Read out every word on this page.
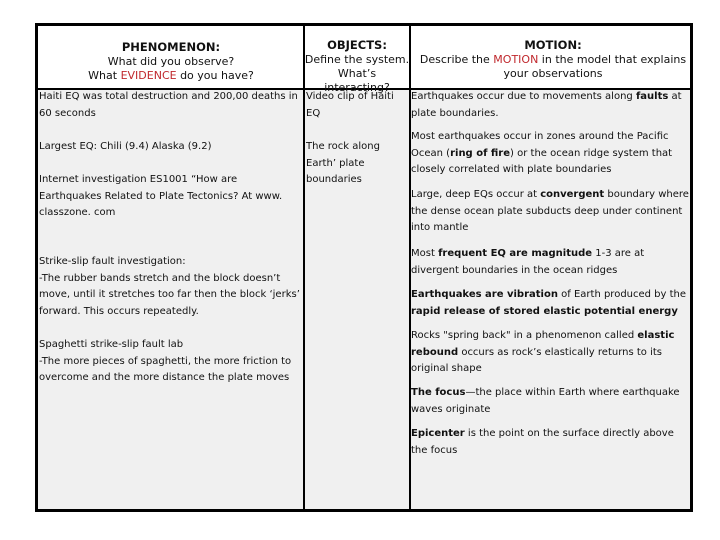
PHENOMENON:
What did you observe?
What EVIDENCE do you have?
OBJECTS:
Define the system.
What’s interacting?
MOTION:
Describe the MOTION in the model that explains
your observations
Haiti EQ was total destruction and 200,00 deaths in 60 seconds
Largest EQ: Chili (9.4) Alaska (9.2)
Internet investigation ES1001 “How are Earthquakes Related to Plate Tectonics? At www. classzone. com
Strike-slip fault investigation:
-The rubber bands stretch and the block doesn’t move, until it stretches too far then the block ‘jerks’ forward. This occurs repeatedly.
Spaghetti strike-slip fault lab
-The more pieces of spaghetti, the more friction to overcome and the more distance the plate moves
Video clip of Haiti EQ
The rock along Earth’ plate boundaries
Earthquakes occur due to movements along faults at plate boundaries.
Most earthquakes occur in zones around the Pacific Ocean (ring of fire) or the ocean ridge system that closely correlated with plate boundaries
Large, deep EQs occur at convergent boundary where the dense ocean plate subducts deep under continent into mantle
Most frequent EQ are magnitude 1-3 are at divergent boundaries in the ocean ridges
Earthquakes are vibration of Earth produced by the rapid release of stored elastic potential energy
Rocks "spring back" in a phenomenon called elastic rebound occurs as rock’s elastically returns to its original shape
The focus—the place within Earth where earthquake waves originate
Epicenter is the point on the surface directly above the focus
